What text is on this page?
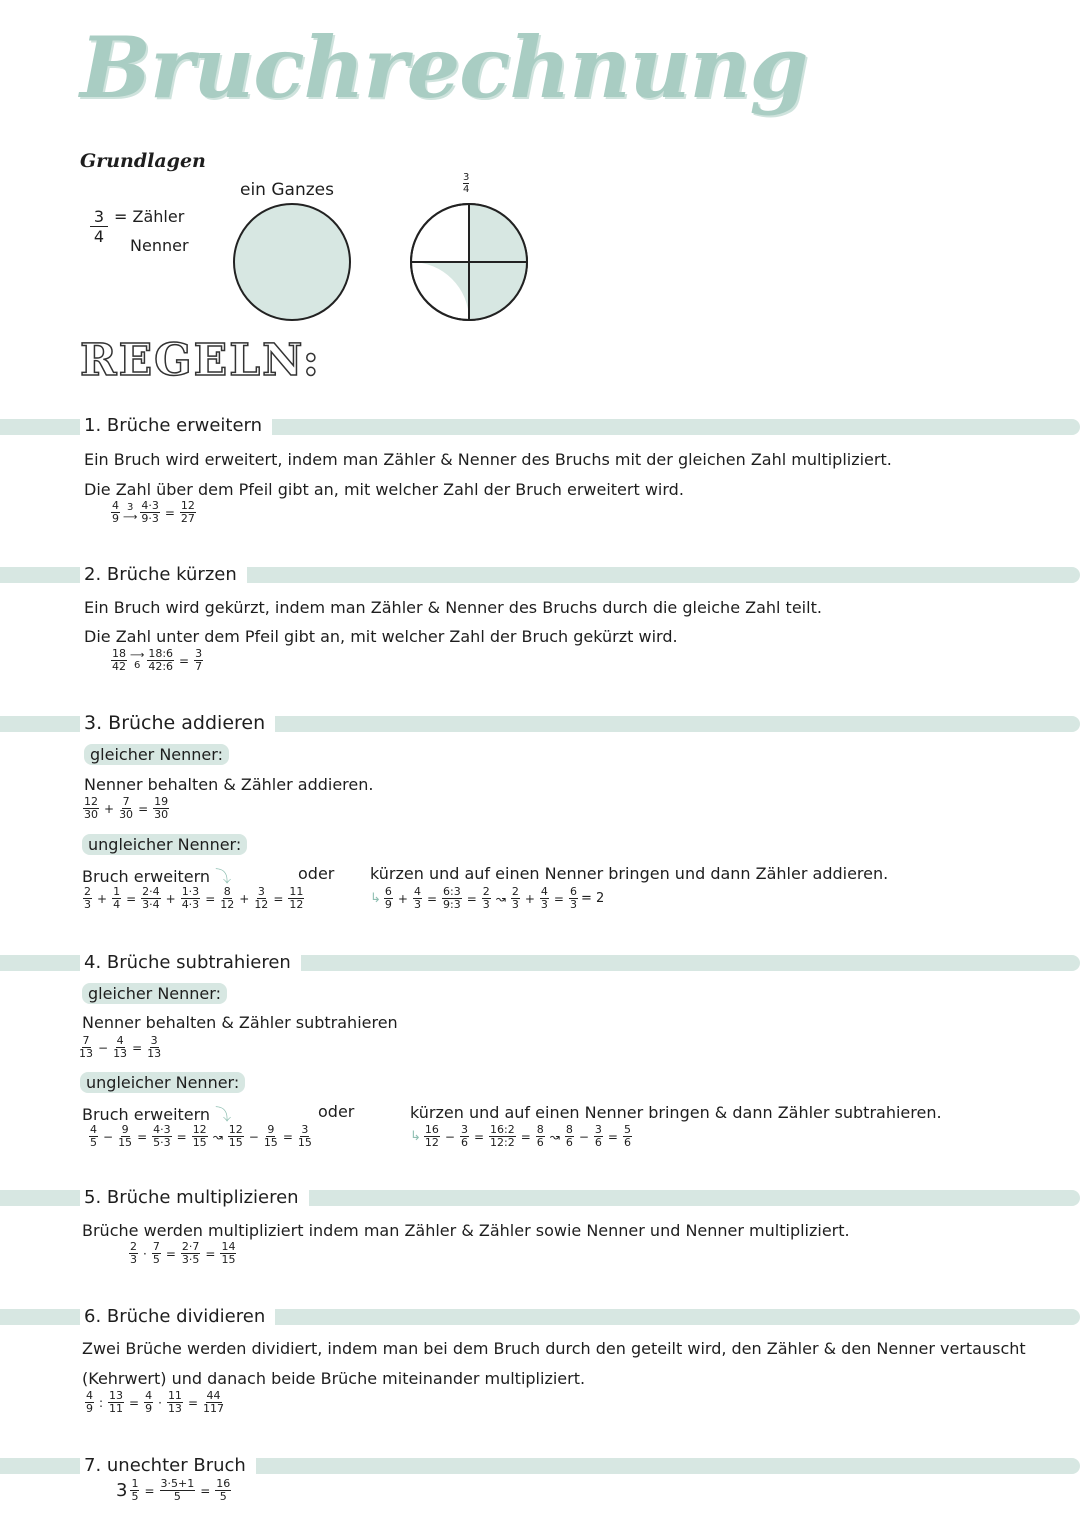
Bruchrechnung
Grundlagen
3
4
= Zähler
Nenner
ein Ganzes	$\frac{3}{4}$
REGELN:
1. Brüche erweitern
Ein Bruch wird erweitert, indem man Zähler & Nenner des Bruchs mit der gleichen Zahl multipliziert.
Die Zahl über dem Pfeil gibt an, mit welcher Zahl der Bruch erweitert wird.
$\frac{4}{9} 3$
⟶ $\frac{4\cdot 3}{9\cdot 3} = \frac{12}{27}$
2. Brüche kürzen
Ein Bruch wird gekürzt, indem man Zähler & Nenner des Bruchs durch die gleiche Zahl teilt.
Die Zahl unter dem Pfeil gibt an, mit welcher Zahl der Bruch gekürzt wird.
$\frac{18}{42}$ ⟶
$6 \frac{18:6}{42:6} = \frac{3}{7}$
3. Brüche addieren
gleicher Nenner:
Nenner behalten & Zähler addieren.
$\frac{12}{30} + \frac{7}{30} = \frac{19}{30}$
ungleicher Nenner:
Bruch erweitern ⤵	oder kürzen und auf einen Nenner bringen und dann Zähler addieren.
$\frac{2}{3} + \frac{1}{4} = \frac{2\cdot 4}{3\cdot 4} + \frac{1\cdot 3}{4\cdot 3} = \frac{8}{12} + \frac{3}{12} = \frac{11}{12}$	↳ $\frac{6}{9} + \frac{4}{3} = \frac{6:3}{9:3} = \frac{2}{3}$ ↝ $\frac{2}{3} + \frac{4}{3} = \frac{6}{3} = 2$
4. Brüche subtrahieren
gleicher Nenner:
Nenner behalten & Zähler subtrahieren
$\frac{7}{13} - \frac{4}{13} = \frac{3}{13}$
ungleicher Nenner:
Bruch erweitern ⤵	oder	kürzen und auf einen Nenner bringen & dann Zähler subtrahieren.
$\frac{4}{5} - \frac{9}{15} = \frac{4\cdot 3}{5\cdot 3} = \frac{12}{15}$ ↝ $\frac{12}{15} - \frac{9}{15} = \frac{3}{15}$	↳ $\frac{16}{12} - \frac{3}{6} = \frac{16:2}{12:2} = \frac{8}{6}$ ↝ $\frac{8}{6} - \frac{3}{6} = \frac{5}{6}$
5. Brüche multiplizieren
Brüche werden multipliziert indem man Zähler & Zähler sowie Nenner und Nenner multipliziert.
$\frac{2}{3} \cdot \frac{7}{5} = \frac{2\cdot 7}{3\cdot 5} = \frac{14}{15}$
6. Brüche dividieren
Zwei Brüche werden dividiert, indem man bei dem Bruch durch den geteilt wird, den Zähler & den Nenner vertauscht
(Kehrwert) und danach beide Brüche miteinander multipliziert.
$\frac{4}{9}$ : $\frac{13}{11} = \frac{4}{9} \cdot \frac{11}{13} = \frac{44}{117}$
7. unechter Bruch
$3 \frac{1}{5} = \frac{3\cdot 5+1}{5} = \frac{16}{5}$
